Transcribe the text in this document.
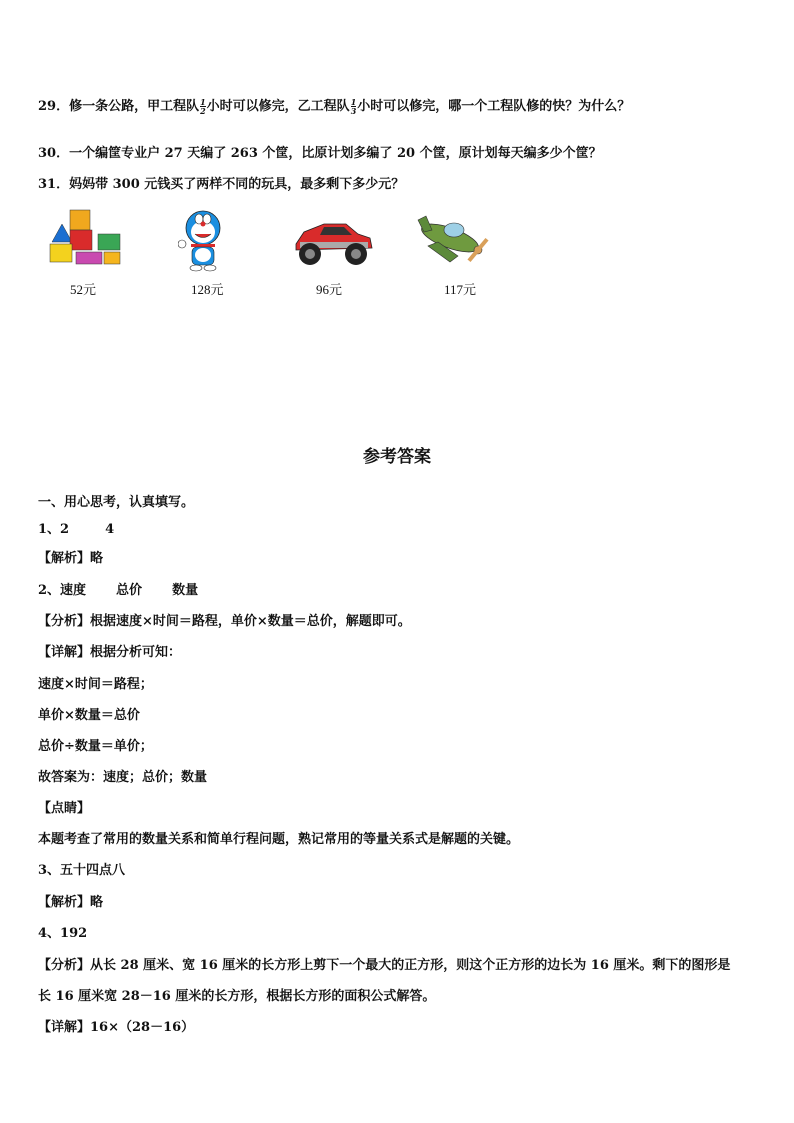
29．修一条公路，甲工程队$\frac{1}{2}$ 小时可以修完，乙工程队$\frac{1}{3}$ 小时可以修完，哪一个工程队修的快？为什么？
30．一个编筐专业户 27 天编了 263 个筐，比原计划多编了 20 个筐，原计划每天编多少个筐？
31．妈妈带 300 元钱买了两样不同的玩具，最多剩下多少元？
52元	128元	96元	117元
参考答案
一、用心思考，认真填写。
1、2	4
【解析】略
2、速度 总价 数量
【分析】根据速度×时间＝路程，单价×数量＝总价，解题即可。
【详解】根据分析可知：
速度×时间＝路程；
单价×数量＝总价
总价÷数量＝单价；
故答案为：速度；总价；数量
【点睛】
本题考查了常用的数量关系和简单行程问题，熟记常用的等量关系式是解题的关键。
3、五十四点八
【解析】略
4、192
【分析】从长 28 厘米、宽 16 厘米的长方形上剪下一个最大的正方形，则这个正方形的边长为 16 厘米。剩下的图形是
长 16 厘米宽 28－16 厘米的长方形，根据长方形的面积公式解答。
【详解】16×（28－16）
